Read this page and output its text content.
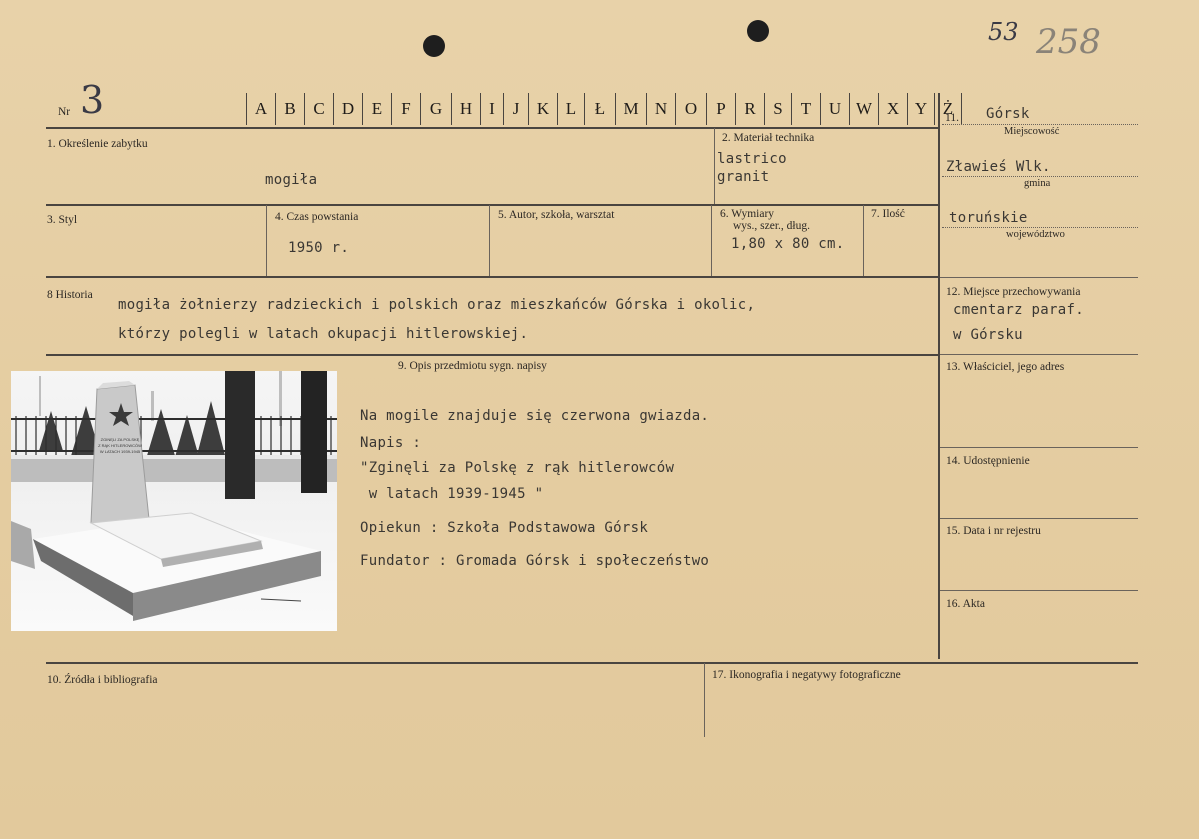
53 258
Nr 3	A	B	C	D	E	F	G	H	I	J	K L	Ł	M N	O	P	R	S	T	U W X Y Ż
1. Określenie zabytku
mogiła
2. Materiał technika
lastrico
granit
3. Styl	4. Czas powstania
1950 r.
5. Autor, szkoła, warsztat	6. Wymiary
wys., szer., dług.
1,80 x 80 cm.
7. Ilość
8 Historia
mogiła żołnierzy radzieckich i polskich oraz mieszkańców Górska i okolic,
którzy polegli w latach okupacji hitlerowskiej.
9. Opis przedmiotu sygn. napisy
Na mogile znajduje się czerwona gwiazda.
Napis :
"Zginęli za Polskę z rąk hitlerowców
w latach 1939-1945 "
Opiekun : Szkoła Podstawowa Górsk
Fundator : Gromada Górsk i społeczeństwo
ZGINĘLI ZA POLSKĘ
Z RĄK HITLEROWCÓW
W LATACH 1939-1945
10. Źródła i bibliografia	17. Ikonografia i negatywy fotograficzne
11. Górsk
Miejscowość
Zławieś Wlk.
gmina
toruńskie
województwo
12. Miejsce przechowywania
cmentarz paraf.
w Górsku
13. Właściciel, jego adres
14. Udostępnienie
15. Data i nr rejestru
16. Akta
